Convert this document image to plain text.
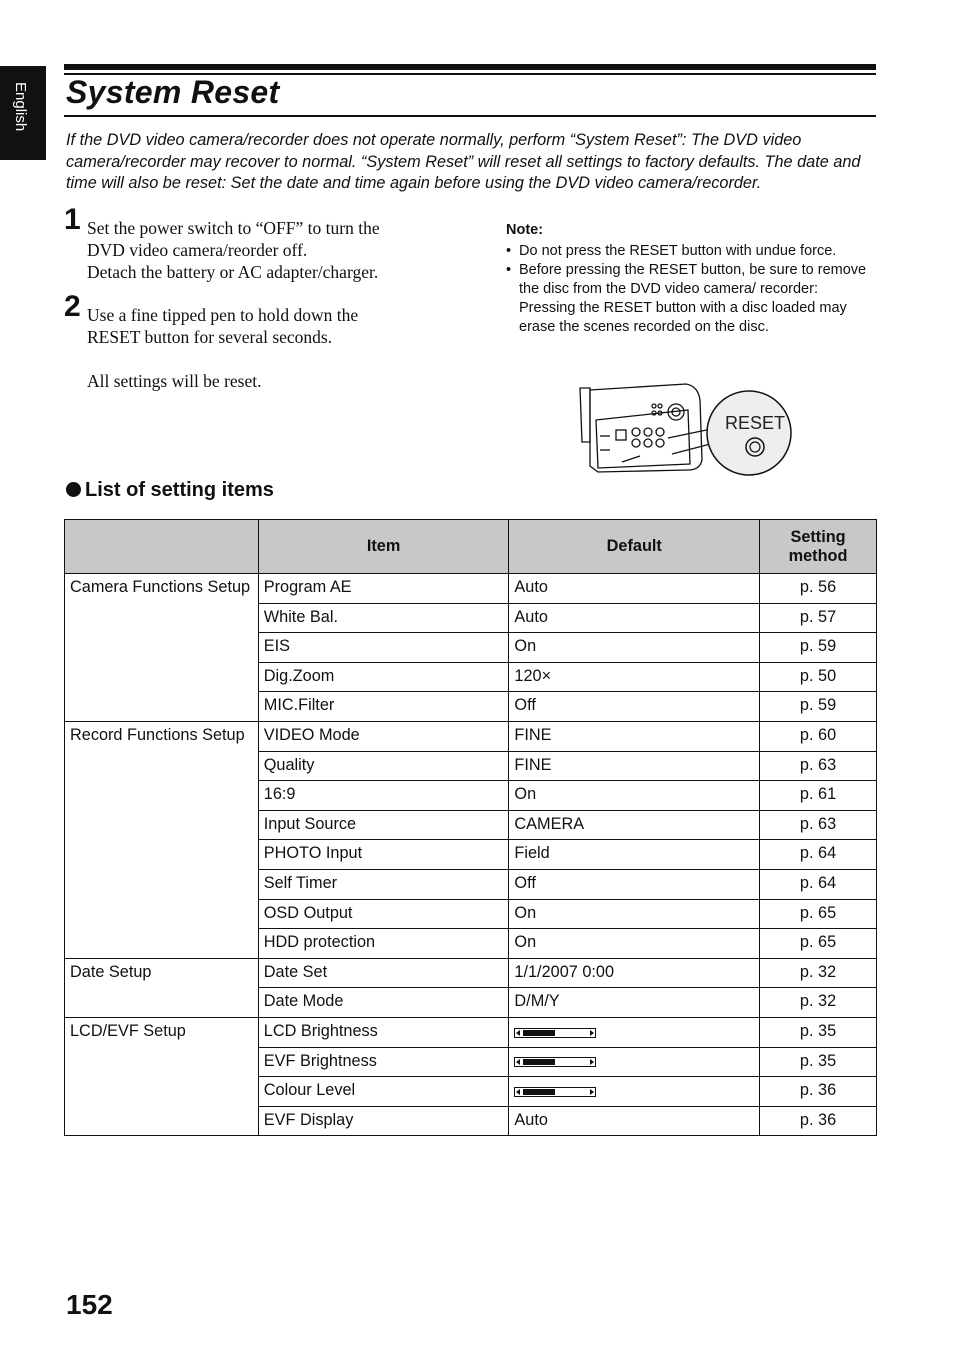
English System Reset

If the DVD video camera/recorder does not operate normally, perform “System Reset”: The DVD video camera/recorder may recover to normal. “System Reset” will reset all settings to factory defaults. The date and time will also be reset: Set the date and time again before using the DVD video camera/recorder.

1 Set the power switch to “OFF” to turn the
DVD video camera/reorder off.
Detach the battery or AC adapter/charger.
2 Use a fine tipped pen to hold down the
RESET button for several seconds.
All settings will be reset.
Note:
• Do not press the RESET button with undue force.
• Before pressing the RESET button, be sure to remove the disc from the DVD video camera/ recorder: Pressing the RESET button with a disc loaded may erase the scenes recorded on the disc.
RESET
List of setting items
	Item	Default	Setting method
Camera Functions Setup	Program AE	Auto	p. 56
	White Bal.	Auto	p. 57
	EIS	On	p. 59
	Dig.Zoom	120×	p. 50
	MIC.Filter	Off	p. 59
Record Functions Setup	VIDEO Mode	FINE	p. 60
	Quality	FINE	p. 63
	16:9	On	p. 61
	Input Source	CAMERA	p. 63
	PHOTO Input	Field	p. 64
	Self Timer	Off	p. 64
	OSD Output	On	p. 65
	HDD protection	On	p. 65
Date Setup	Date Set	1/1/2007 0:00	p. 32
	Date Mode	D/M/Y	p. 32
LCD/EVF Setup	LCD Brightness		p. 35
	EVF Brightness		p. 35
	Colour Level		p. 36
	EVF Display	Auto	p. 36
152
